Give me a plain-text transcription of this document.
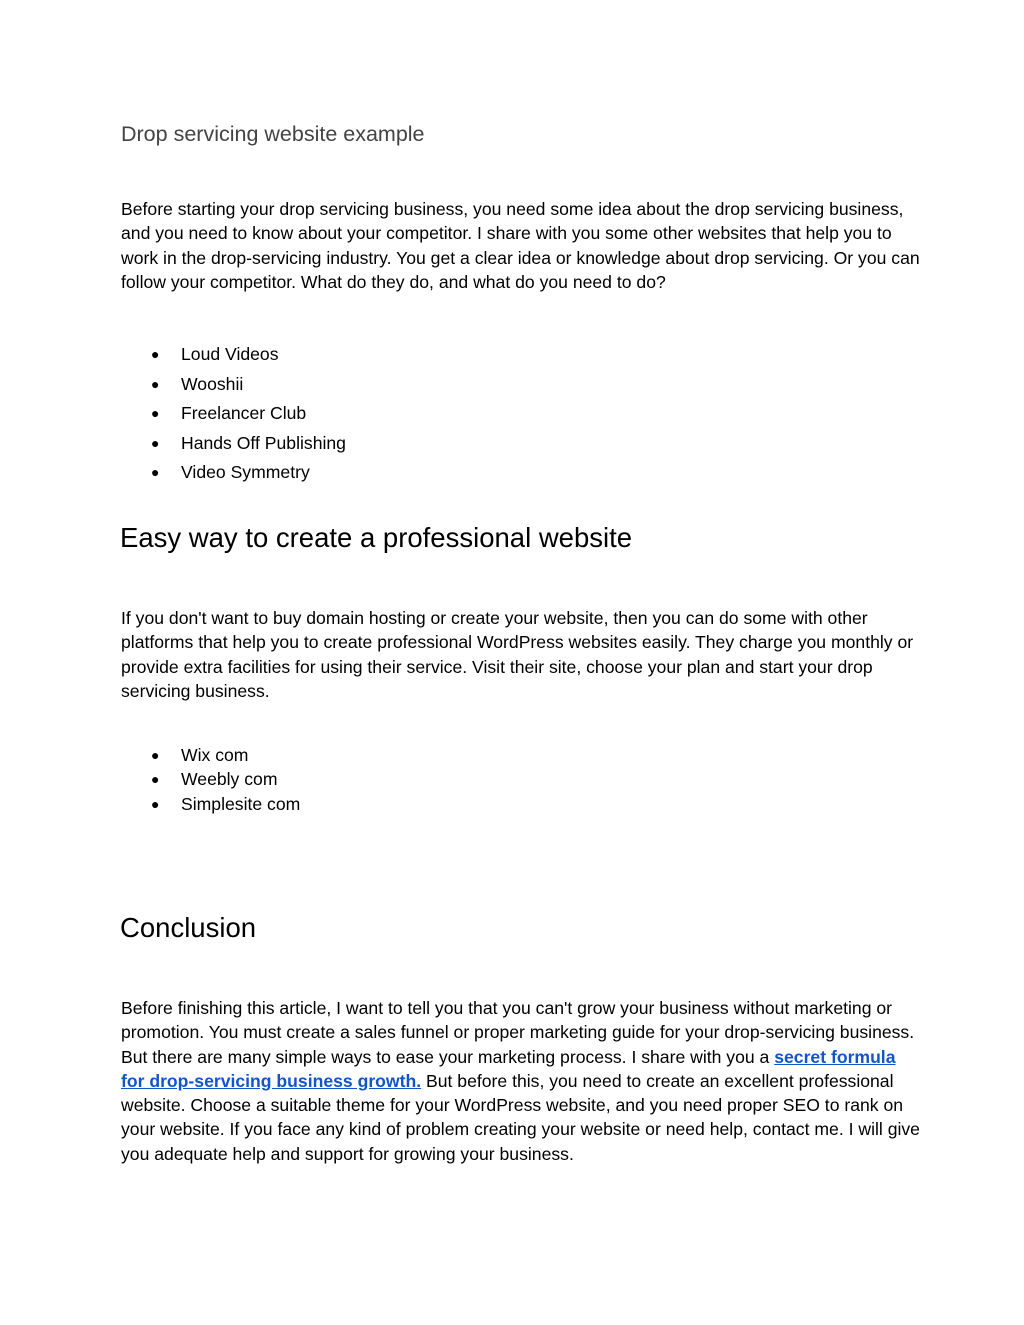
Drop servicing website example

Before starting your drop servicing business, you need some idea about the drop servicing business, and you need to know about your competitor. I share with you some other websites that help you to work in the drop-servicing industry. You get a clear idea or knowledge about drop servicing. Or you can follow your competitor. What do they do, and what do you need to do?

● Loud Videos
● Wooshii
● Freelancer Club
● Hands Off Publishing
● Video Symmetry
Easy way to create a professional website

If you don't want to buy domain hosting or create your website, then you can do some with other platforms that help you to create professional WordPress websites easily. They charge you monthly or provide extra facilities for using their service. Visit their site, choose your plan and start your drop servicing business.

● Wix com
● Weebly com
● Simplesite com
Conclusion

Before finishing this article, I want to tell you that you can't grow your business without marketing or promotion. You must create a sales funnel or proper marketing guide for your drop-servicing business. But there are many simple ways to ease your marketing process. I share with you a secret formula for drop-servicing business growth. But before this, you need to create an excellent professional website. Choose a suitable theme for your WordPress website, and you need proper SEO to rank on your website. If you face any kind of problem creating your website or need help, contact me. I will give you adequate help and support for growing your business.
